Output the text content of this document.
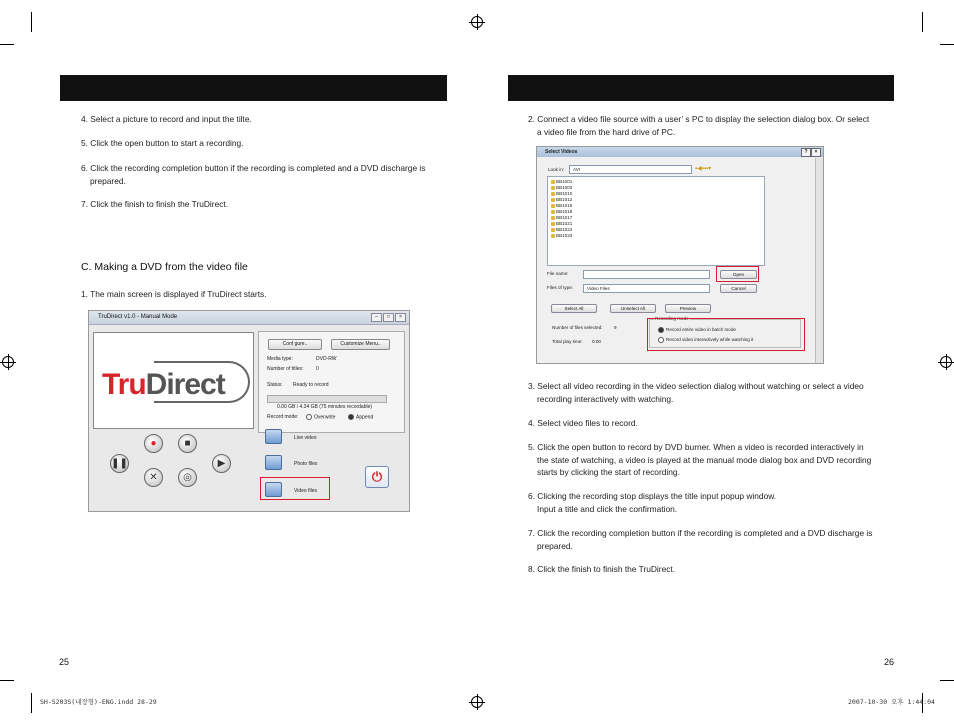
4. Select a picture to record and input the tilte.
5. Click the open button to start a recording.
6. Click the recording completion button if the recording is completed and a DVD discharge is
prepared.
7. Click the finish to finish the TruDirect.
C. Making a DVD from the video file
1. The main screen is displayed if TruDirect starts.
TruDirect v1.0 - Manual Mode	–	□	×
TruDirect
Conf gure..	Customize Menu..
Media type:	DVD-RW
Number of titles:	0
Status: Ready to record
0.00 GB / 4.34 GB (75 minutes recordable)
Record mode:	Overwrite	Append
●	■
❚❚	▶
✕	◎
Live video
Photo files
Video files
⏻
25
2. Connect a video file source with a user’ s PC to display the selection dialog box. Or select
a video file from the hard drive of PC.
Select Videos	?	×
Look in:	AVI	▪◀▪▪▪▾
BB1001
BB1003
BB1010
BB1012
BB1015
BB1016
BB1017
BB1021
BB1022
BB1023
File name:
Files of type:	Video Files
Open
Cancel
Select All	Unselect All	Preview
Number of files selected: 9
Total play time: 0:00
Recording mode
Record entire video in batch mode
Record video interactively while watching it
3. Select all video recording in the video selection dialog without watching or select a video
recording interactively with watching.
4. Select video files to record.
5. Click the open button to record by DVD burner. When a video is recorded interactively in
the state of watching, a video is played at the manual mode dialog box and DVD recording
starts by clicking the start of recording.
6. Clicking the recording stop displays the title input popup window.
Input a title and click the confirmation.
7. Click the recording completion button if the recording is completed and a DVD discharge is
prepared.
8. Click the finish to finish the TruDirect.
26
SH-S203S(내장형)-ENG.indd 28-29	2007-10-30 오후 1:44:04
